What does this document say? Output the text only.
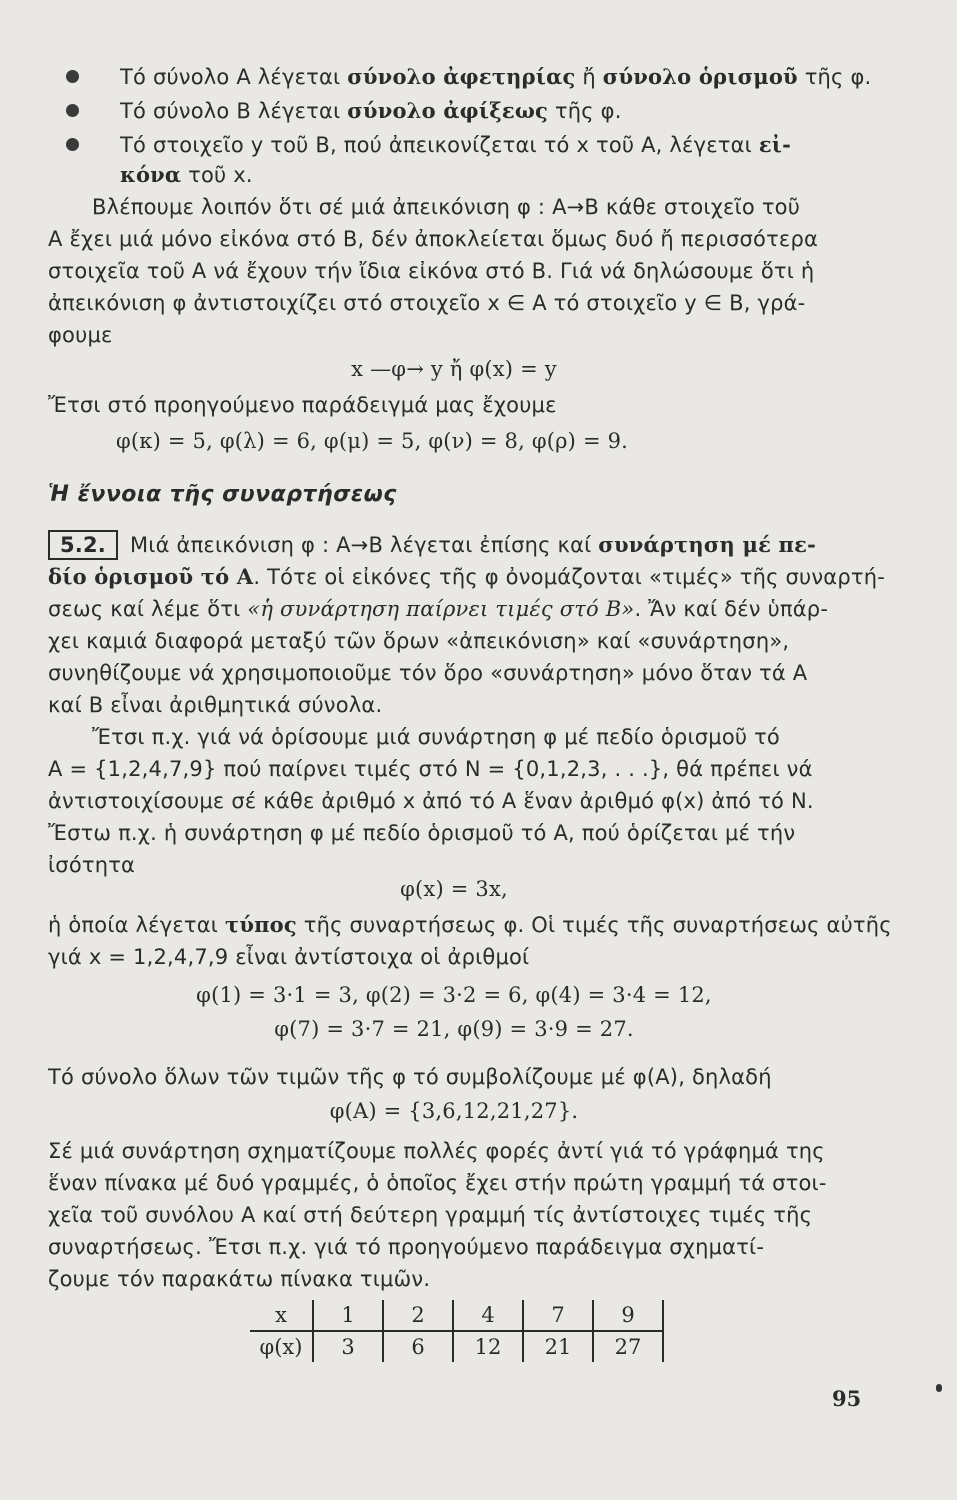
Τό σύνολο Α λέγεται σύνολο ἀφετηρίας ἤ σύνολο ὁρισμοῦ τῆς φ.
Τό σύνολο Β λέγεται σύνολο ἀφίξεως τῆς φ.
Τό στοιχεῖο y τοῦ Β, πού ἀπεικονίζεται τό x τοῦ Α, λέγεται εἰ-
κόνα τοῦ x.
Βλέπουμε λοιπόν ὅτι σέ μιά ἀπεικόνιση φ : Α→Β κάθε στοιχεῖο τοῦ
Α ἔχει μιά μόνο εἰκόνα στό Β, δέν ἀποκλείεται ὅμως δυό ἤ περισσότερα
στοιχεῖα τοῦ Α νά ἔχουν τήν ἴδια εἰκόνα στό Β. Γιά νά δηλώσουμε ὅτι ἡ
ἀπεικόνιση φ ἀντιστοιχίζει στό στοιχεῖο x ∈ Α τό στοιχεῖο y ∈ Β, γρά-
φουμε
x —φ→ y ἤ φ(x) = y
Ἔτσι στό προηγούμενο παράδειγμά μας ἔχουμε
φ(κ) = 5, φ(λ) = 6, φ(μ) = 5, φ(ν) = 8, φ(ρ) = 9.
Ἡ ἔννοια τῆς συναρτήσεως
5.2. Μιά ἀπεικόνιση φ : Α→Β λέγεται ἐπίσης καί συνάρτηση μέ πε-
δίο ὁρισμοῦ τό Α. Τότε οἱ εἰκόνες τῆς φ ὀνομάζονται «τιμές» τῆς συναρτή-
σεως καί λέμε ὅτι «ἡ συνάρτηση παίρνει τιμές στό Β». Ἄν καί δέν ὑπάρ-
χει καμιά διαφορά μεταξύ τῶν ὅρων «ἀπεικόνιση» καί «συνάρτηση»,
συνηθίζουμε νά χρησιμοποιοῦμε τόν ὅρο «συνάρτηση» μόνο ὅταν τά Α
καί Β εἶναι ἀριθμητικά σύνολα.
Ἔτσι π.χ. γιά νά ὁρίσουμε μιά συνάρτηση φ μέ πεδίο ὁρισμοῦ τό
Α = {1,2,4,7,9} πού παίρνει τιμές στό N = {0,1,2,3, . . .}, θά πρέπει νά
ἀντιστοιχίσουμε σέ κάθε ἀριθμό x ἀπό τό Α ἕναν ἀριθμό φ(x) ἀπό τό N.
Ἔστω π.χ. ἡ συνάρτηση φ μέ πεδίο ὁρισμοῦ τό Α, πού ὁρίζεται μέ τήν
ἰσότητα
φ(x) = 3x,
ἡ ὁποία λέγεται τύπος τῆς συναρτήσεως φ. Οἱ τιμές τῆς συναρτήσεως αὐτῆς
γιά x = 1,2,4,7,9 εἶναι ἀντίστοιχα οἱ ἀριθμοί
φ(1) = 3·1 = 3, φ(2) = 3·2 = 6, φ(4) = 3·4 = 12,
φ(7) = 3·7 = 21, φ(9) = 3·9 = 27.
Τό σύνολο ὅλων τῶν τιμῶν τῆς φ τό συμβολίζουμε μέ φ(Α), δηλαδή
φ(Α) = {3,6,12,21,27}.
Σέ μιά συνάρτηση σχηματίζουμε πολλές φορές ἀντί γιά τό γράφημά της
ἕναν πίνακα μέ δυό γραμμές, ὁ ὁποῖος ἔχει στήν πρώτη γραμμή τά στοι-
χεῖα τοῦ συνόλου Α καί στή δεύτερη γραμμή τίς ἀντίστοιχες τιμές τῆς
συναρτήσεως. Ἔτσι π.χ. γιά τό προηγούμενο παράδειγμα σχηματί-
ζουμε τόν παρακάτω πίνακα τιμῶν.
x	1	2	4	7	9
φ(x)	3	6	12	21	27
95
